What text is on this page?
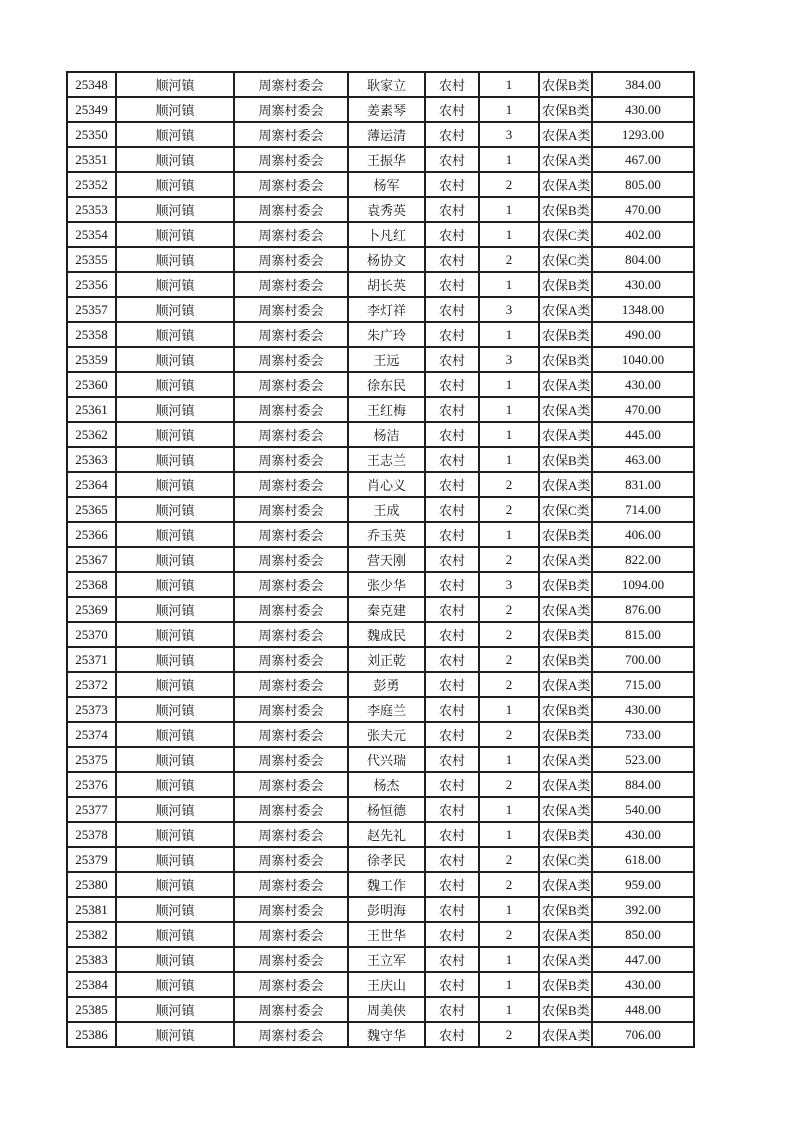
25348	顺河镇	周寨村委会	耿家立	农村	1	农保B类	384.00
25349	顺河镇	周寨村委会	姜素琴	农村	1	农保B类	430.00
25350	顺河镇	周寨村委会	薄运清	农村	3	农保A类	1293.00
25351	顺河镇	周寨村委会	王振华	农村	1	农保A类	467.00
25352	顺河镇	周寨村委会	杨军	农村	2	农保A类	805.00
25353	顺河镇	周寨村委会	袁秀英	农村	1	农保B类	470.00
25354	顺河镇	周寨村委会	卜凡红	农村	1	农保C类	402.00
25355	顺河镇	周寨村委会	杨协文	农村	2	农保C类	804.00
25356	顺河镇	周寨村委会	胡长英	农村	1	农保B类	430.00
25357	顺河镇	周寨村委会	李灯祥	农村	3	农保A类	1348.00
25358	顺河镇	周寨村委会	朱广玲	农村	1	农保B类	490.00
25359	顺河镇	周寨村委会	王远	农村	3	农保B类	1040.00
25360	顺河镇	周寨村委会	徐东民	农村	1	农保A类	430.00
25361	顺河镇	周寨村委会	王红梅	农村	1	农保A类	470.00
25362	顺河镇	周寨村委会	杨洁	农村	1	农保A类	445.00
25363	顺河镇	周寨村委会	王志兰	农村	1	农保B类	463.00
25364	顺河镇	周寨村委会	肖心义	农村	2	农保A类	831.00
25365	顺河镇	周寨村委会	王成	农村	2	农保C类	714.00
25366	顺河镇	周寨村委会	乔玉英	农村	1	农保B类	406.00
25367	顺河镇	周寨村委会	营天刚	农村	2	农保A类	822.00
25368	顺河镇	周寨村委会	张少华	农村	3	农保B类	1094.00
25369	顺河镇	周寨村委会	秦克建	农村	2	农保A类	876.00
25370	顺河镇	周寨村委会	魏成民	农村	2	农保B类	815.00
25371	顺河镇	周寨村委会	刘正乾	农村	2	农保B类	700.00
25372	顺河镇	周寨村委会	彭勇	农村	2	农保A类	715.00
25373	顺河镇	周寨村委会	李庭兰	农村	1	农保B类	430.00
25374	顺河镇	周寨村委会	张夫元	农村	2	农保B类	733.00
25375	顺河镇	周寨村委会	代兴瑞	农村	1	农保A类	523.00
25376	顺河镇	周寨村委会	杨杰	农村	2	农保A类	884.00
25377	顺河镇	周寨村委会	杨恒德	农村	1	农保A类	540.00
25378	顺河镇	周寨村委会	赵先礼	农村	1	农保B类	430.00
25379	顺河镇	周寨村委会	徐孝民	农村	2	农保C类	618.00
25380	顺河镇	周寨村委会	魏工作	农村	2	农保A类	959.00
25381	顺河镇	周寨村委会	彭明海	农村	1	农保B类	392.00
25382	顺河镇	周寨村委会	王世华	农村	2	农保A类	850.00
25383	顺河镇	周寨村委会	王立军	农村	1	农保A类	447.00
25384	顺河镇	周寨村委会	王庆山	农村	1	农保B类	430.00
25385	顺河镇	周寨村委会	周美侠	农村	1	农保B类	448.00
25386	顺河镇	周寨村委会	魏守华	农村	2	农保A类	706.00
